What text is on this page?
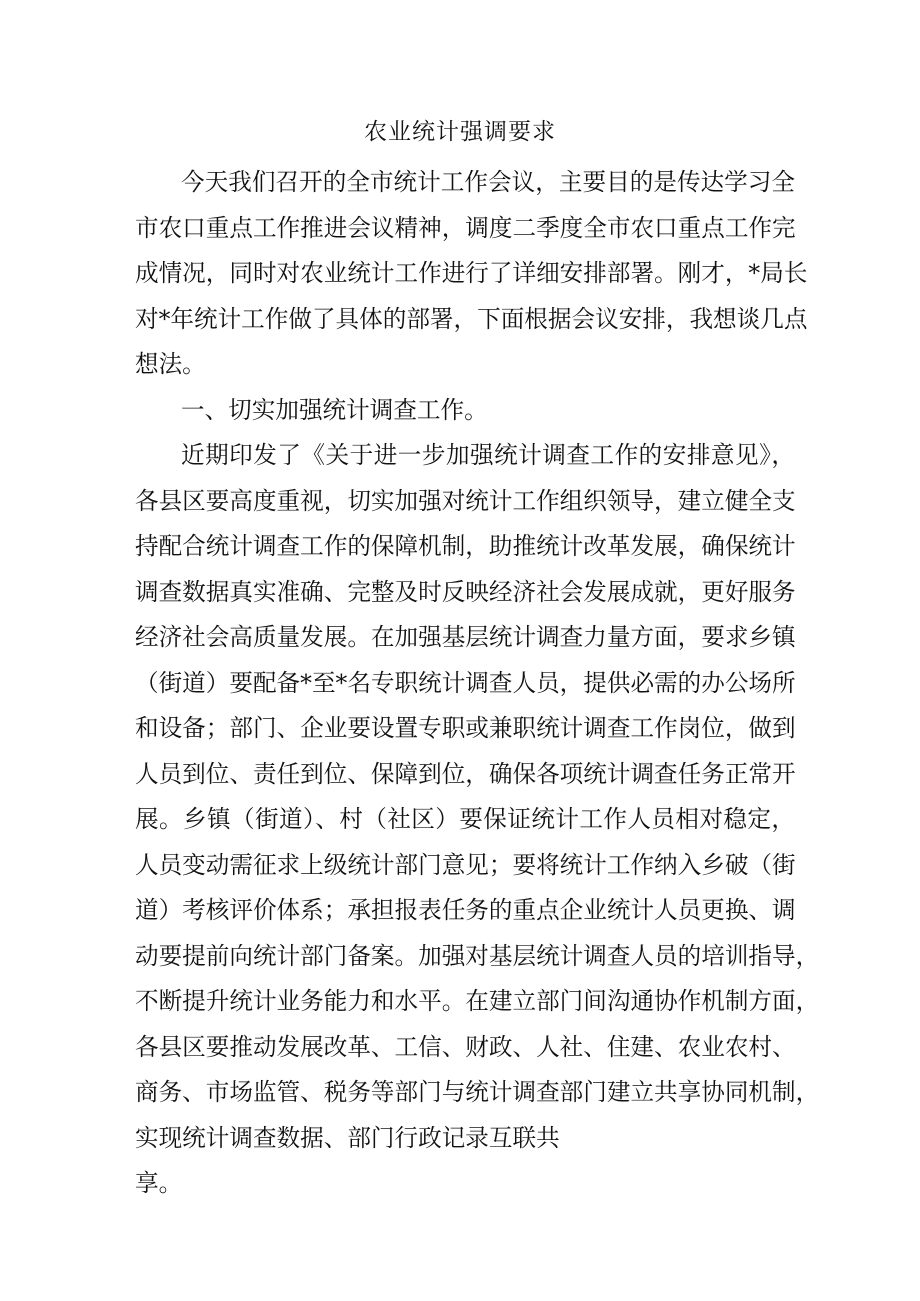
农业统计强调要求
今天我们召开的全市统计工作会议，主要目的是传达学习全
市农口重点工作推进会议精神，调度二季度全市农口重点工作完
成情况，同时对农业统计工作进行了详细安排部署。刚才，*局长
对*年统计工作做了具体的部署，下面根据会议安排，我想谈几点
想法。
一、切实加强统计调查工作。
近期印发了《关于进一步加强统计调查工作的安排意见》，
各县区要高度重视，切实加强对统计工作组织领导，建立健全支
持配合统计调查工作的保障机制，助推统计改革发展，确保统计
调查数据真实准确、完整及时反映经济社会发展成就，更好服务
经济社会高质量发展。在加强基层统计调查力量方面，要求乡镇
（街道）要配备*至*名专职统计调查人员，提供必需的办公场所
和设备；部门、企业要设置专职或兼职统计调查工作岗位，做到
人员到位、责任到位、保障到位，确保各项统计调查任务正常开
展。乡镇（街道）、村（社区）要保证统计工作人员相对稳定，
人员变动需征求上级统计部门意见；要将统计工作纳入乡破（街
道）考核评价体系；承担报表任务的重点企业统计人员更换、调
动要提前向统计部门备案。加强对基层统计调查人员的培训指导，
不断提升统计业务能力和水平。在建立部门间沟通协作机制方面，
各县区要推动发展改革、工信、财政、人社、住建、农业农村、
商务、市场监管、税务等部门与统计调查部门建立共享协同机制，
实现统计调查数据、部门行政记录互联共
享。
